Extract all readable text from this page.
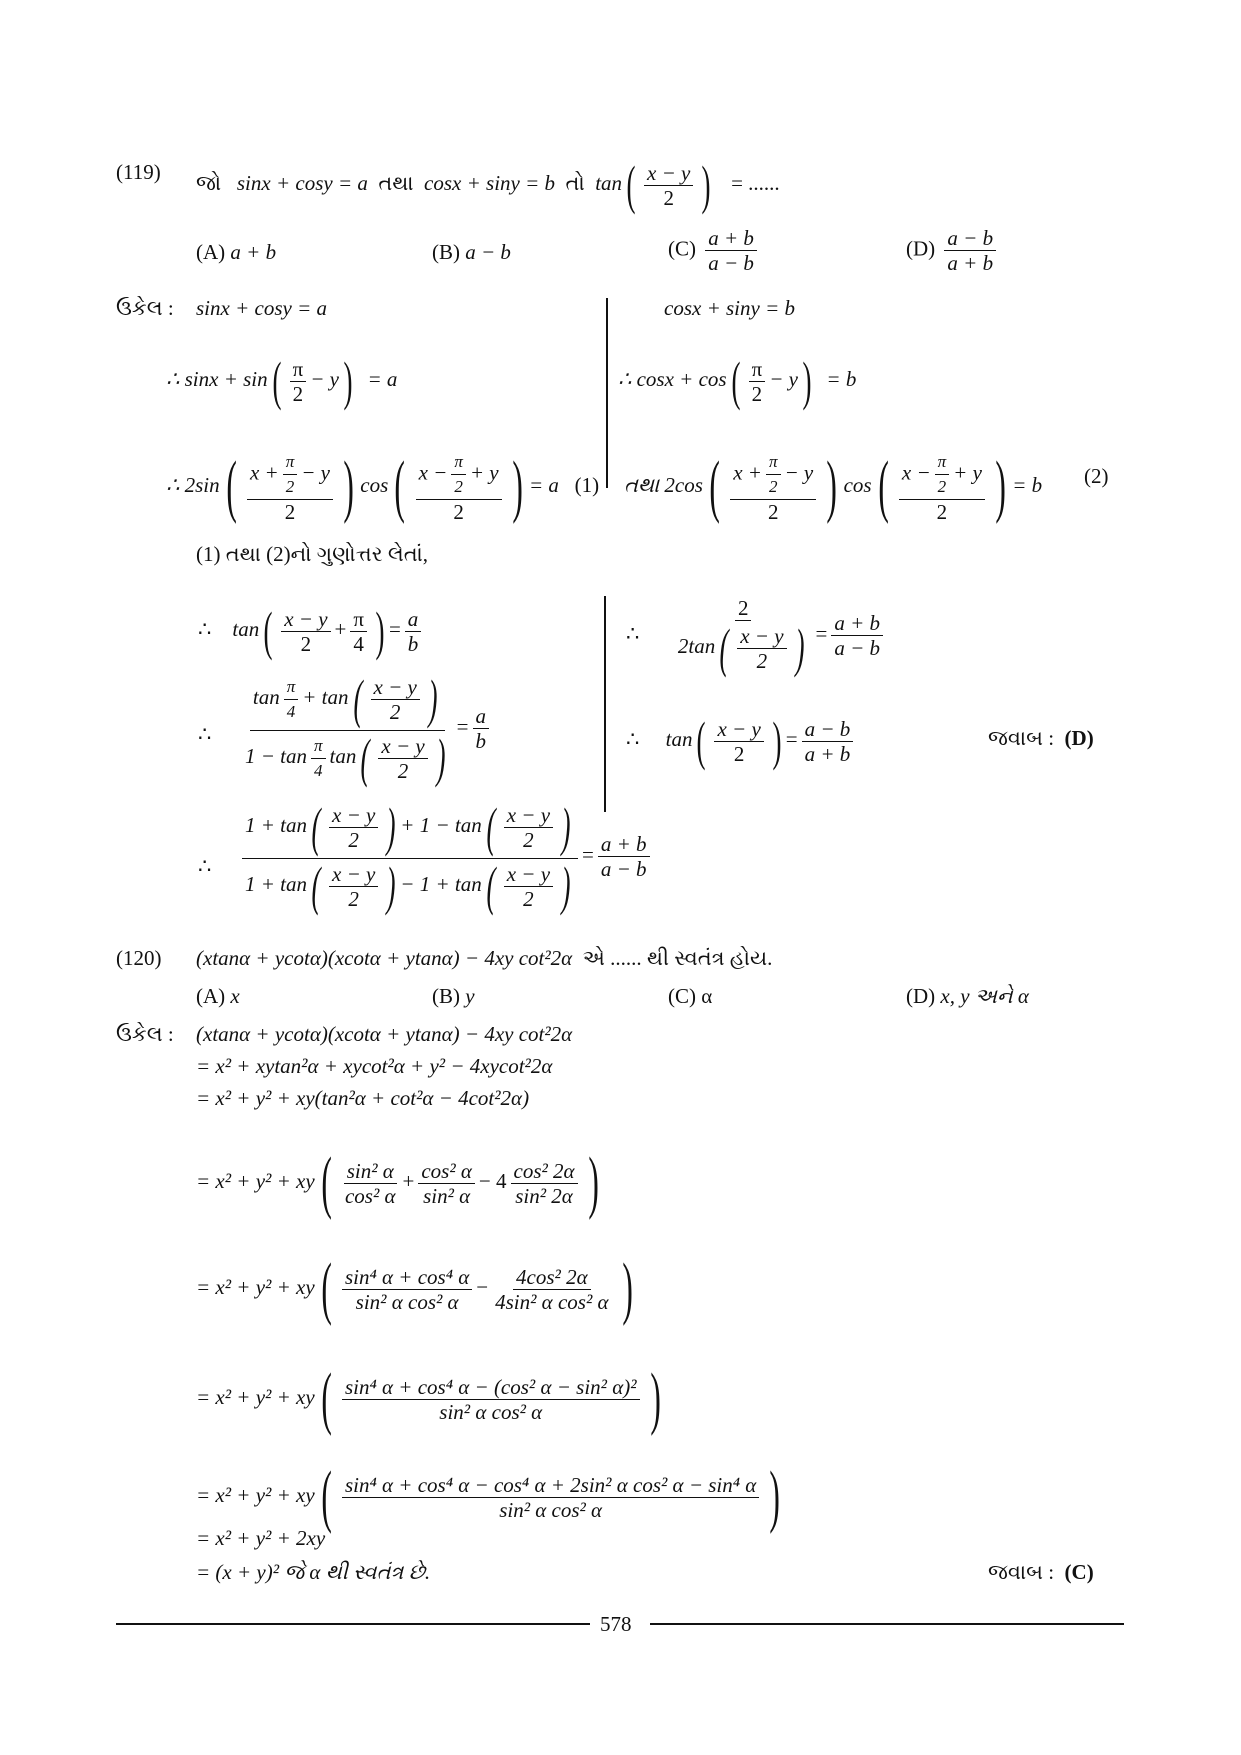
(119) જો sinx + cosy = a તથા cosx + siny = b તો $\tan( \frac{x - y}{2}$ ) = ......
(A) a + b	(B) a − b	$(C) \frac{a + b}{a - b}$	$(D) \frac{a - b}{a + b}$
ઉકેલ : sinx + cosy = a	cosx + siny = b
∴ $\sin x + \sin( \frac{\pi}{2} - y) = a$	∴ $\cos x + \cos( \frac{\pi}{2} - y) = b$
∴ $2\sin( \frac{x + \frac{\pi}{2} - y}{2}$ ) $\cos( \frac{x - \frac{\pi}{2} + y}{2}$ ) = a (1) તથા $2\cos( \frac{x + \frac{\pi}{2} - y}{2}$ ) $\cos( \frac{x - \frac{\pi}{2} + y}{2}$ ) = b (2)
(1) તથા (2)નો ગુણોત્તર લેતાં,
∴ $\tan( \frac{x - y}{2} + \frac{\pi}{4}$ ) = $\frac{a}{b}$
∴ $\frac{\tan \frac{\pi}{4} + \tan( \frac{x - y}{2} )}{1 - \tan \frac{\pi}{4} \tan( \frac{x - y}{2} )} = \frac{a}{b}$
∴ $\frac{1 + \tan( \frac{x - y}{2} ) + 1 - \tan( \frac{x - y}{2} )}{1 + \tan( \frac{x - y}{2} ) - 1 + \tan( \frac{x - y}{2} )} = \frac{a + b}{a - b}$
∴ $\frac{2}{2\tan( \frac{x - y}{2} )} = \frac{a + b}{a - b}$
∴ $\tan( \frac{x - y}{2}$ ) = $\frac{a - b}{a + b}$	જવાબ : (D)
(120) (xtanα + ycotα)(xcotα + ytanα) − 4xy cot²2α એ ...... થી સ્વતંત્ર હોય.
(A) x	(B) y	(C) α	(D) x, y અને α
ઉકેલ : (xtanα + ycotα)(xcotα + ytanα) − 4xy cot²2α
= x² + xytan²α + xycot²α + y² − 4xycot²2α
= x² + y² + xy(tan²α + cot²α − 4cot²2α)
= $x^2 + y^2 + xy( \frac{\text{sin² α}}{\text{cos² α}} + \frac{\text{cos² α}}{\text{sin² α}} - 4 \frac{\text{cos² 2α}}{\text{sin² 2α}}$ )
= $x^2 + y^2 + xy( \frac{\text{sin⁴ α + cos⁴ α}}{\text{sin² α cos² α}} - \frac{\text{4cos² 2α}}{\text{4sin² α cos² α}}$ )
= $x^2 + y^2 + xy( \frac{\text{sin⁴ α + cos⁴ α − (cos² α − sin² α)²}}{\text{sin² α cos² α}}$ )
= $x^2 + y^2 + xy( \frac{\text{sin⁴ α + cos⁴ α − cos⁴ α + 2sin² α cos² α − sin⁴ α}}{\text{sin² α cos² α}}$ )
= x² + y² + 2xy
= (x + y)² જે α થી સ્વતંત્ર છે.	જવાબ : (C)
578
